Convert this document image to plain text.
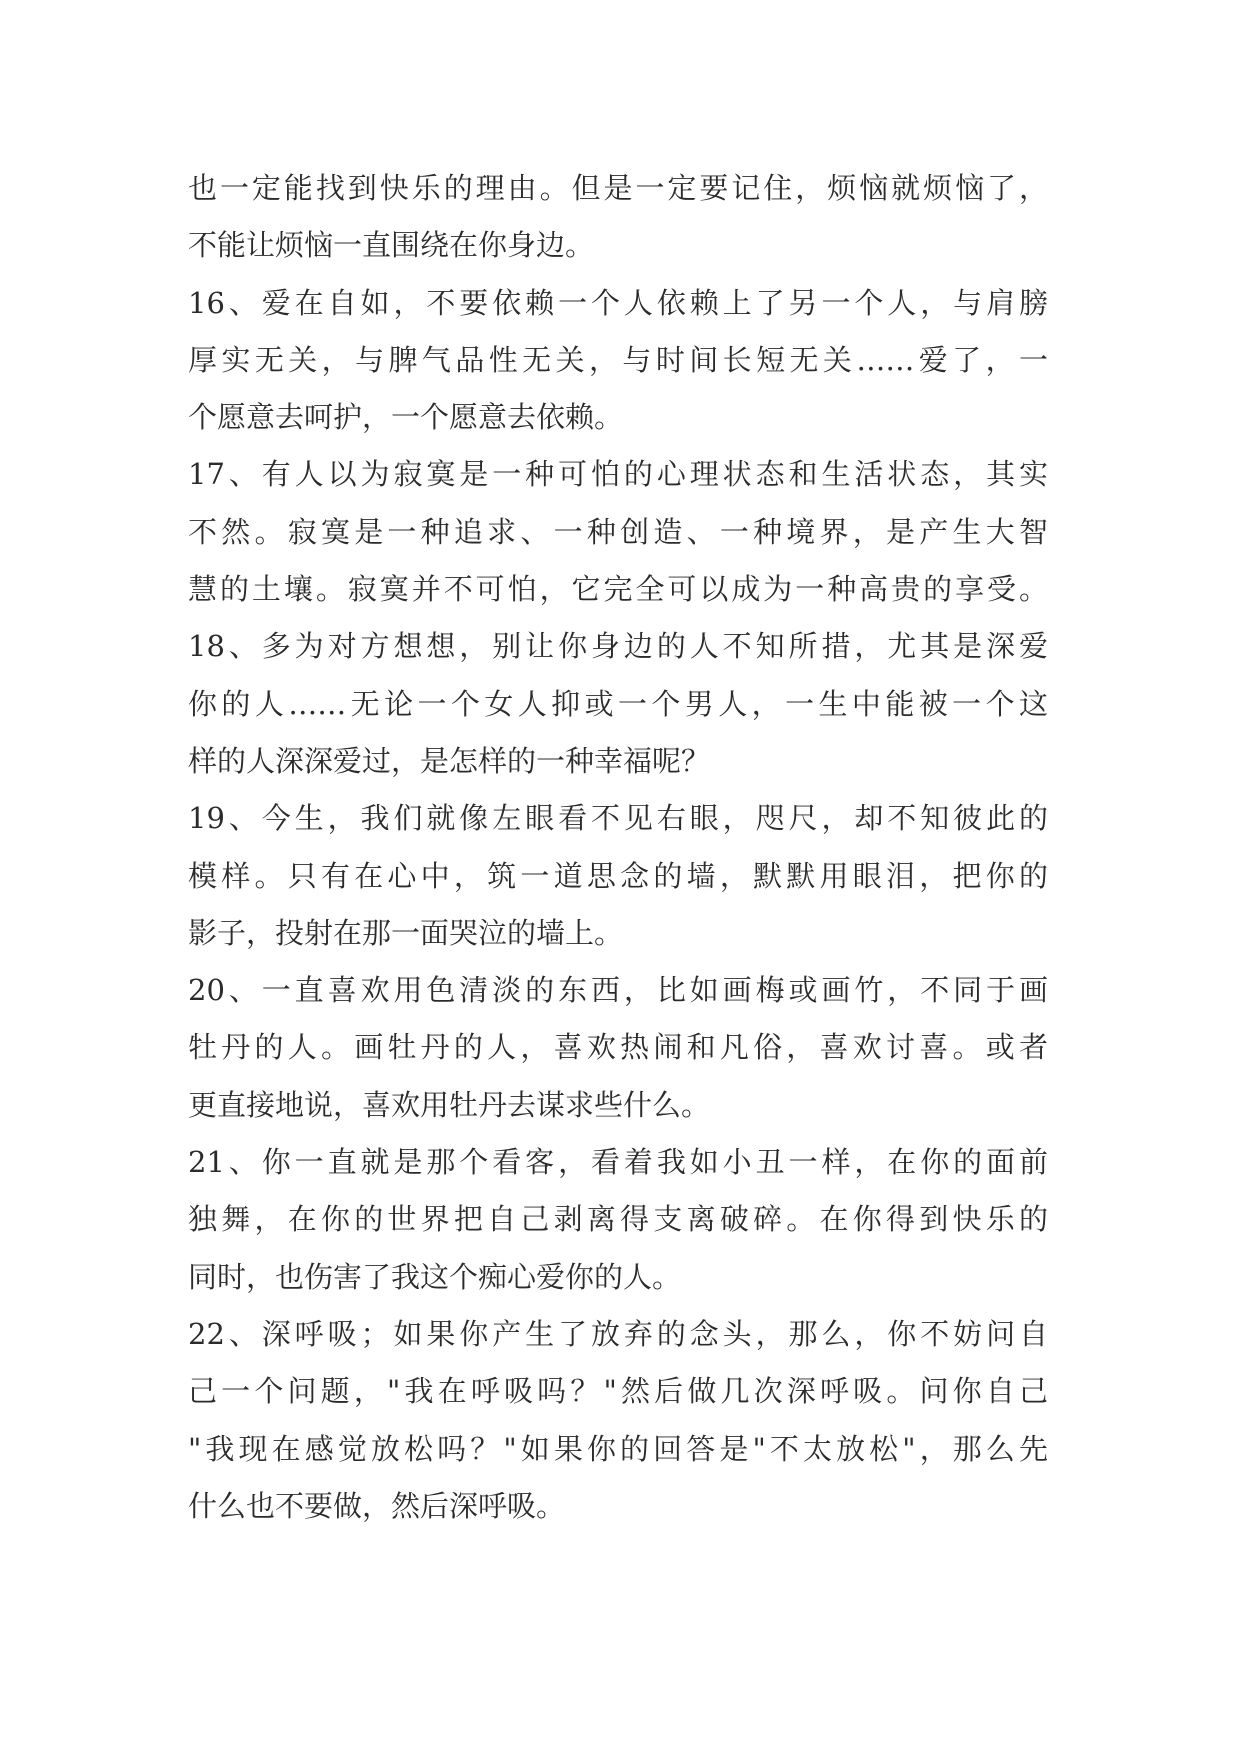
也一定能找到快乐的理由。但是一定要记住，烦恼就烦恼了，
不能让烦恼一直围绕在你身边。
16、爱在自如，不要依赖一个人依赖上了另一个人，与肩膀
厚实无关，与脾气品性无关，与时间长短无关……爱了，一
个愿意去呵护，一个愿意去依赖。
17、有人以为寂寞是一种可怕的心理状态和生活状态，其实
不然。寂寞是一种追求、一种创造、一种境界，是产生大智
慧的土壤。寂寞并不可怕，它完全可以成为一种高贵的享受。
18、多为对方想想，别让你身边的人不知所措，尤其是深爱
你的人……无论一个女人抑或一个男人，一生中能被一个这
样的人深深爱过，是怎样的一种幸福呢？
19、今生，我们就像左眼看不见右眼，咫尺，却不知彼此的
模样。只有在心中，筑一道思念的墙，默默用眼泪，把你的
影子，投射在那一面哭泣的墙上。
20、一直喜欢用色清淡的东西，比如画梅或画竹，不同于画
牡丹的人。画牡丹的人，喜欢热闹和凡俗，喜欢讨喜。或者
更直接地说，喜欢用牡丹去谋求些什么。
21、你一直就是那个看客，看着我如小丑一样，在你的面前
独舞，在你的世界把自己剥离得支离破碎。在你得到快乐的
同时，也伤害了我这个痴心爱你的人。
22、深呼吸；如果你产生了放弃的念头，那么，你不妨问自
己一个问题，"我在呼吸吗？"然后做几次深呼吸。问你自己
"我现在感觉放松吗？"如果你的回答是"不太放松"，那么先
什么也不要做，然后深呼吸。
